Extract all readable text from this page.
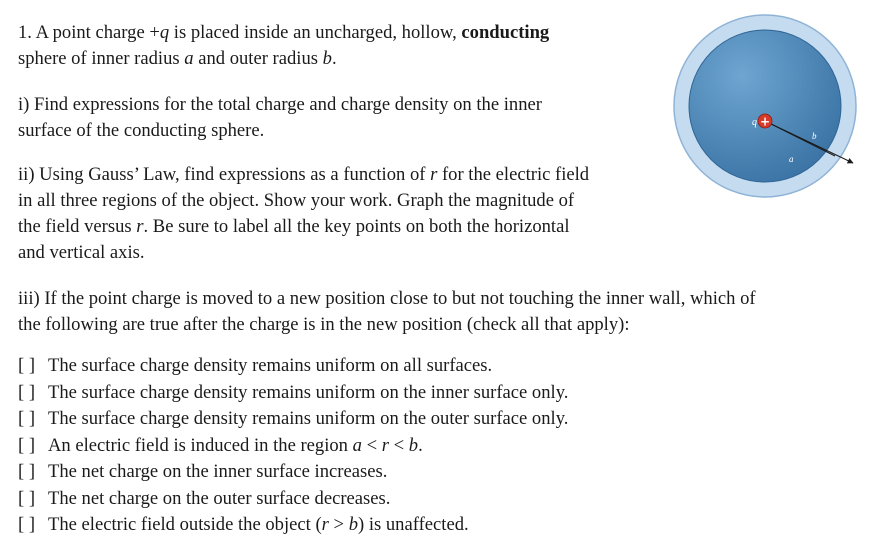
1. A point charge +q is placed inside an uncharged, hollow, conducting
sphere of inner radius a and outer radius b.

i) Find expressions for the total charge and charge density on the inner
surface of the conducting sphere.

ii) Using Gauss’ Law, find expressions as a function of r for the electric field
in all three regions of the object. Show your work. Graph the magnitude of
the field versus r. Be sure to label all the key points on both the horizontal
and vertical axis.

iii) If the point charge is moved to a new position close to but not touching the inner wall, which of
the following are true after the charge is in the new position (check all that apply):

[ ] The surface charge density remains uniform on all surfaces.
[ ] The surface charge density remains uniform on the inner surface only.
[ ] The surface charge density remains uniform on the outer surface only.
[ ] An electric field is induced in the region a < r < b.
[ ] The net charge on the inner surface increases.
[ ] The net charge on the outer surface decreases.
[ ] The electric field outside the object (r > b) is unaffected.
+
q
a
b
